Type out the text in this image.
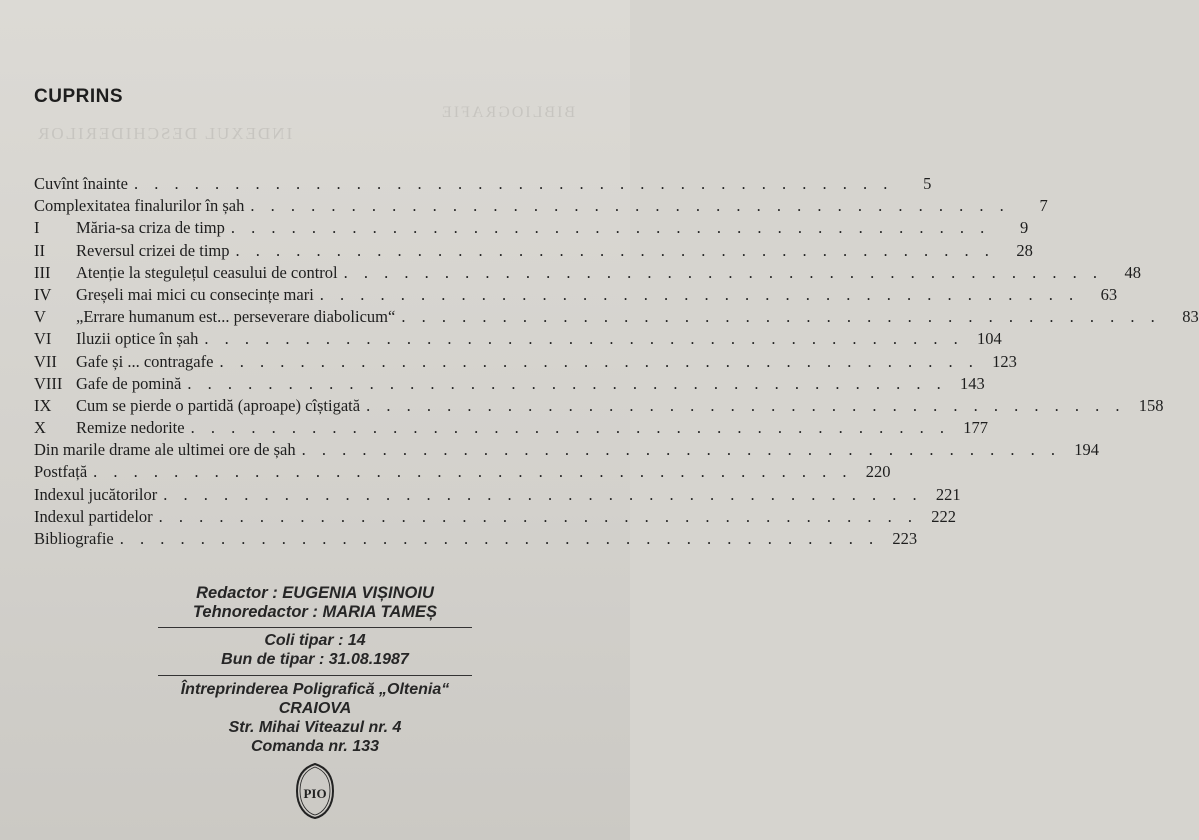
BIBLIOGRAFIE
INDEXUL DESCHIDERILOR
CUPRINS
Cuvînt înainte . . . . . . . . . . . . . . . . . . . . . . . . . . . . . . . . . . . . . .	5
Complexitatea finalurilor în șah . . . . . . . . . . . . . . . . . . . . . . . . . . . . . . . . . . . . . .	7
I	Măria-sa criza de timp . . . . . . . . . . . . . . . . . . . . . . . . . . . . . . . . . . . . . .	9
II	Reversul crizei de timp . . . . . . . . . . . . . . . . . . . . . . . . . . . . . . . . . . . . . .	28
III	Atenție la stegulețul ceasului de control . . . . . . . . . . . . . . . . . . . . . . . . . . . . . . . . . . . . . .	48
IV	Greșeli mai mici cu consecințe mari . . . . . . . . . . . . . . . . . . . . . . . . . . . . . . . . . . . . . .	63
V	„Errare humanum est... perseverare diabolicum“ . . . . . . . . . . . . . . . . . . . . . . . . . . . . . . . . . . . . . .	83
VI	Iluzii optice în șah . . . . . . . . . . . . . . . . . . . . . . . . . . . . . . . . . . . . . . 104
VII	Gafe și ... contragafe . . . . . . . . . . . . . . . . . . . . . . . . . . . . . . . . . . . . . . 123
VIII Gafe de pomină . . . . . . . . . . . . . . . . . . . . . . . . . . . . . . . . . . . . . . 143
IX	Cum se pierde o partidă (aproape) cîștigată . . . . . . . . . . . . . . . . . . . . . . . . . . . . . . . . . . . . . . 158
X	Remize nedorite . . . . . . . . . . . . . . . . . . . . . . . . . . . . . . . . . . . . . . 177
Din marile drame ale ultimei ore de șah . . . . . . . . . . . . . . . . . . . . . . . . . . . . . . . . . . . . . . 194
Postfață . . . . . . . . . . . . . . . . . . . . . . . . . . . . . . . . . . . . . . 220
Indexul jucătorilor . . . . . . . . . . . . . . . . . . . . . . . . . . . . . . . . . . . . . . 221
Indexul partidelor . . . . . . . . . . . . . . . . . . . . . . . . . . . . . . . . . . . . . . 222
Bibliografie . . . . . . . . . . . . . . . . . . . . . . . . . . . . . . . . . . . . . . 223
Redactor : EUGENIA VIȘINOIU
Tehnoredactor : MARIA TAMEȘ
Coli tipar : 14
Bun de tipar : 31.08.1987
Întreprinderea Poligrafică „Oltenia“
CRAIOVA
Str. Mihai Viteazul nr. 4
Comanda nr. 133
PIO
